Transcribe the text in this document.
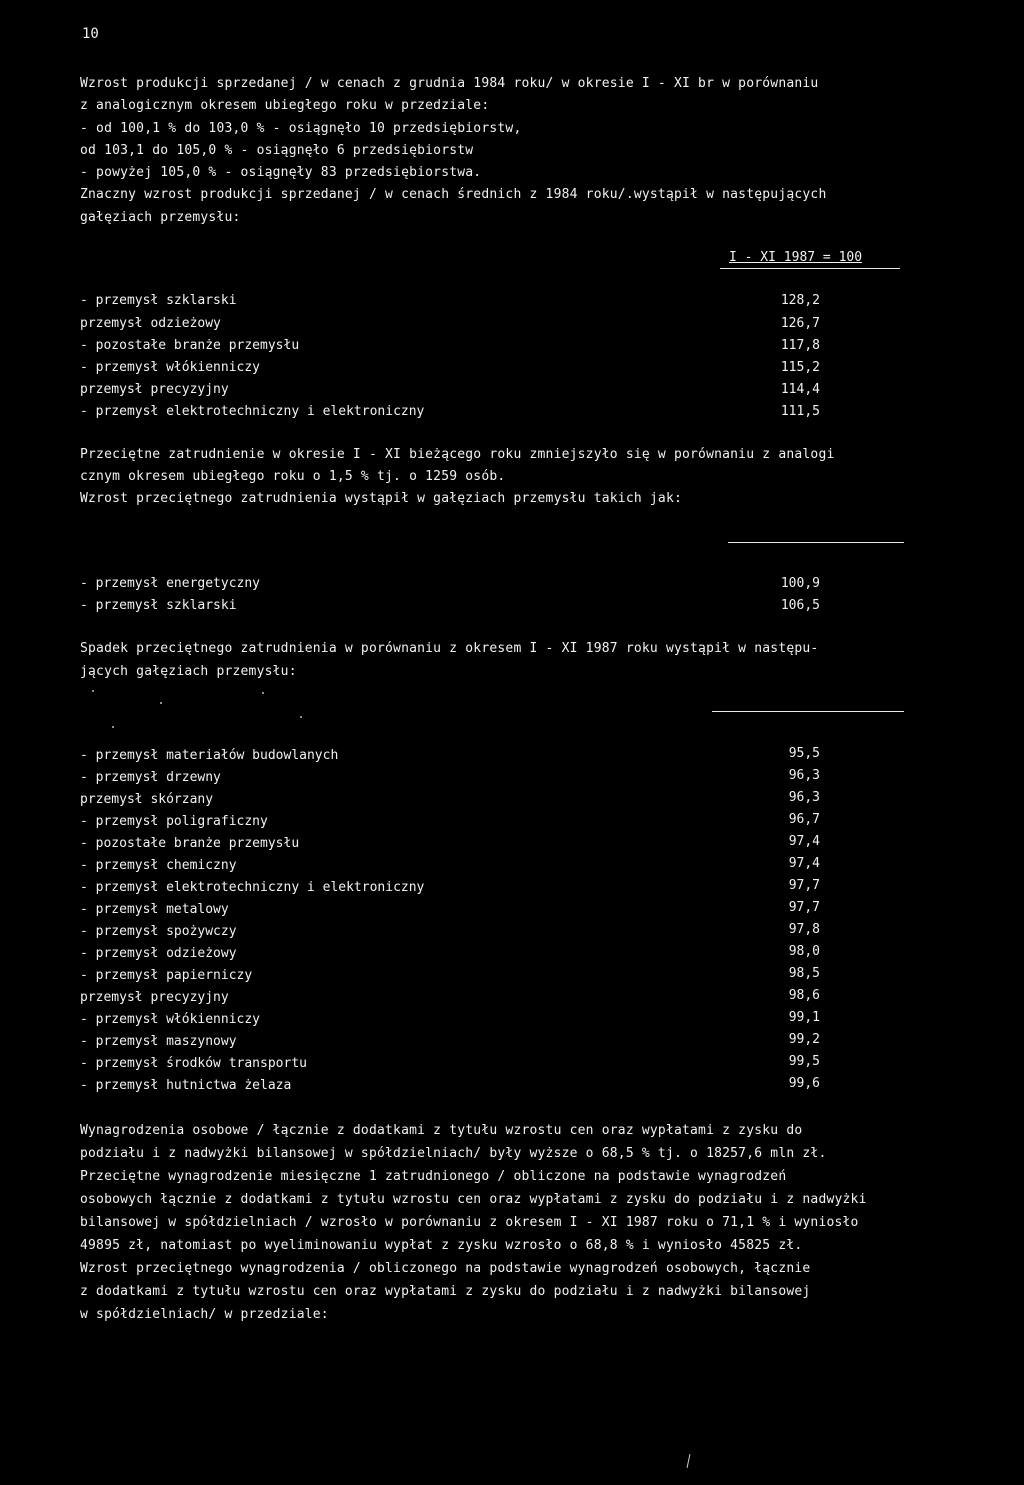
10
Wzrost produkcji sprzedanej / w cenach z grudnia 1984 roku/ w okresie I - XI br w porównaniu
z analogicznym okresem ubiegłego roku w przedziale:
- od 100,1 % do 103,0 % - osiągnęło 10 przedsiębiorstw,
od 103,1 do 105,0 % - osiągnęło 6 przedsiębiorstw
- powyżej 105,0 % - osiągnęły 83 przedsiębiorstwa.
Znaczny wzrost produkcji sprzedanej / w cenach średnich z 1984 roku/.wystąpił w następujących
gałęziach przemysłu:
I - XI 1987 = 100
- przemysł szklarski	128,2
przemysł odzieżowy	126,7
- pozostałe branże przemysłu	117,8
- przemysł włókienniczy	115,2
przemysł precyzyjny	114,4
- przemysł elektrotechniczny i elektroniczny	111,5
Przeciętne zatrudnienie w okresie I - XI bieżącego roku zmniejszyło się w porównaniu z analogi
cznym okresem ubiegłego roku o 1,5 % tj. o 1259 osób.
Wzrost przeciętnego zatrudnienia wystąpił w gałęziach przemysłu takich jak:
- przemysł energetyczny	100,9
- przemysł szklarski	106,5
Spadek przeciętnego zatrudnienia w porównaniu z okresem I - XI 1987 roku wystąpił w następu-
jących gałęziach przemysłu:
- przemysł materiałów budowlanych	95,5
- przemysł drzewny	96,3
przemysł skórzany	96,3
- przemysł poligraficzny	96,7
- pozostałe branże przemysłu	97,4
- przemysł chemiczny	97,4
- przemysł elektrotechniczny i elektroniczny	97,7
- przemysł metalowy	97,7
- przemysł spożywczy	97,8
- przemysł odzieżowy	98,0
- przemysł papierniczy	98,5
przemysł precyzyjny	98,6
- przemysł włókienniczy	99,1
- przemysł maszynowy	99,2
- przemysł środków transportu	99,5
- przemysł hutnictwa żelaza	99,6
Wynagrodzenia osobowe / łącznie z dodatkami z tytułu wzrostu cen oraz wypłatami z zysku do
podziału i z nadwyżki bilansowej w spółdzielniach/ były wyższe o 68,5 % tj. o 18257,6 mln zł.
Przeciętne wynagrodzenie miesięczne 1 zatrudnionego / obliczone na podstawie wynagrodzeń
osobowych łącznie z dodatkami z tytułu wzrostu cen oraz wypłatami z zysku do podziału i z nadwyżki
bilansowej w spółdzielniach / wzrosło w porównaniu z okresem I - XI 1987 roku o 71,1 % i wyniosło
49895 zł, natomiast po wyeliminowaniu wypłat z zysku wzrosło o 68,8 % i wyniosło 45825 zł.
Wzrost przeciętnego wynagrodzenia / obliczonego na podstawie wynagrodzeń osobowych, łącznie
z dodatkami z tytułu wzrostu cen oraz wypłatami z zysku do podziału i z nadwyżki bilansowej
w spółdzielniach/ w przedziale:
